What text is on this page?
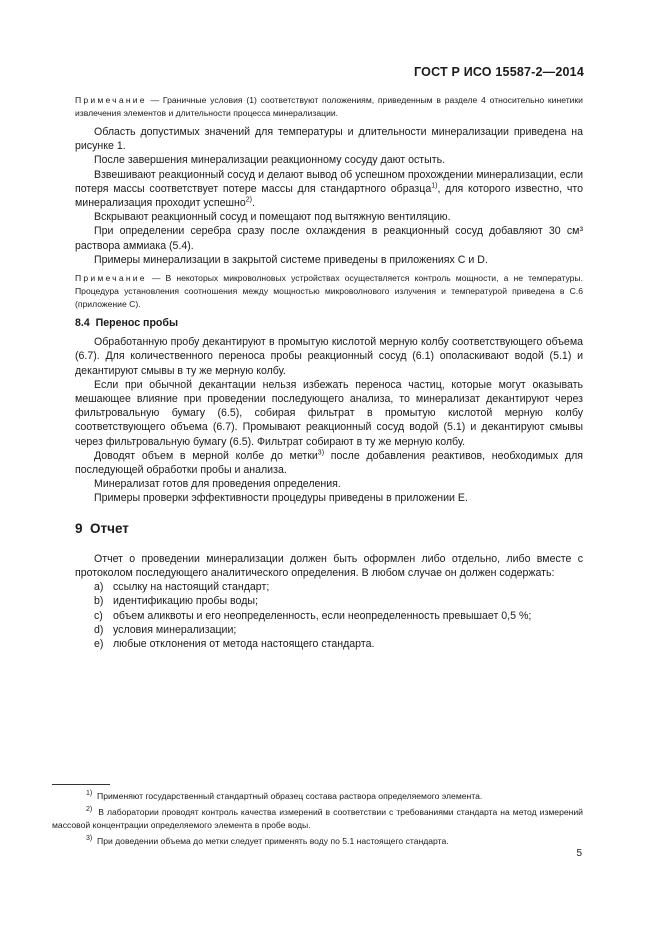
ГОСТ Р ИСО 15587-2—2014

Примечание — Граничные условия (1) соответствуют положениям, приведенным в разделе 4 относительно кинетики извлечения элементов и длительности процесса минерализации.

Область допустимых значений для температуры и длительности минерализации приведена на рисунке 1.

После завершения минерализации реакционному сосуду дают остыть.

Взвешивают реакционный сосуд и делают вывод об успешном прохождении минерализации, если потеря массы соответствует потере массы для стандартного образца$^{1)}$, для которого известно, что минерализация проходит успешно$^{2)}$.

Вскрывают реакционный сосуд и помещают под вытяжную вентиляцию.

При определении серебра сразу после охлаждения в реакционный сосуд добавляют 30 см³ раствора аммиака (5.4).

Примеры минерализации в закрытой системе приведены в приложениях С и D.

Примечание — В некоторых микроволновых устройствах осуществляется контроль мощности, а не температуры. Процедура установления соотношения между мощностью микроволнового излучения и температурой приведена в С.6 (приложение С).

8.4 Перенос пробы

Обработанную пробу декантируют в промытую кислотой мерную колбу соответствующего объема (6.7). Для количественного переноса пробы реакционный сосуд (6.1) ополаскивают водой (5.1) и декантируют смывы в ту же мерную колбу.

Если при обычной декантации нельзя избежать переноса частиц, которые могут оказывать мешающее влияние при проведении последующего анализа, то минерализат декантируют через фильтровальную бумагу (6.5), собирая фильтрат в промытую кислотой мерную колбу соответствующего объема (6.7). Промывают реакционный сосуд водой (5.1) и декантируют смывы через фильтровальную бумагу (6.5). Фильтрат собирают в ту же мерную колбу.

Доводят объем в мерной колбе до метки$^{3)}$ после добавления реактивов, необходимых для последующей обработки пробы и анализа.

Минерализат готов для проведения определения.

Примеры проверки эффективности процедуры приведены в приложении Е.

9 Отчет

Отчет о проведении минерализации должен быть оформлен либо отдельно, либо вместе с протоколом последующего аналитического определения. В любом случае он должен содержать:

a) ссылку на настоящий стандарт;
b) идентификацию пробы воды;
c) объем аликвоты и его неопределенность, если неопределенность превышает 0,5 %;
d) условия минерализации;
e) любые отклонения от метода настоящего стандарта.

$^{1)}$ Применяют государственный стандартный образец состава раствора определяемого элемента.

$^{2)}$ В лаборатории проводят контроль качества измерений в соответствии с требованиями стандарта на метод измерений массовой концентрации определяемого элемента в пробе воды.

$^{3)}$ При доведении объема до метки следует применять воду по 5.1 настоящего стандарта.

5
